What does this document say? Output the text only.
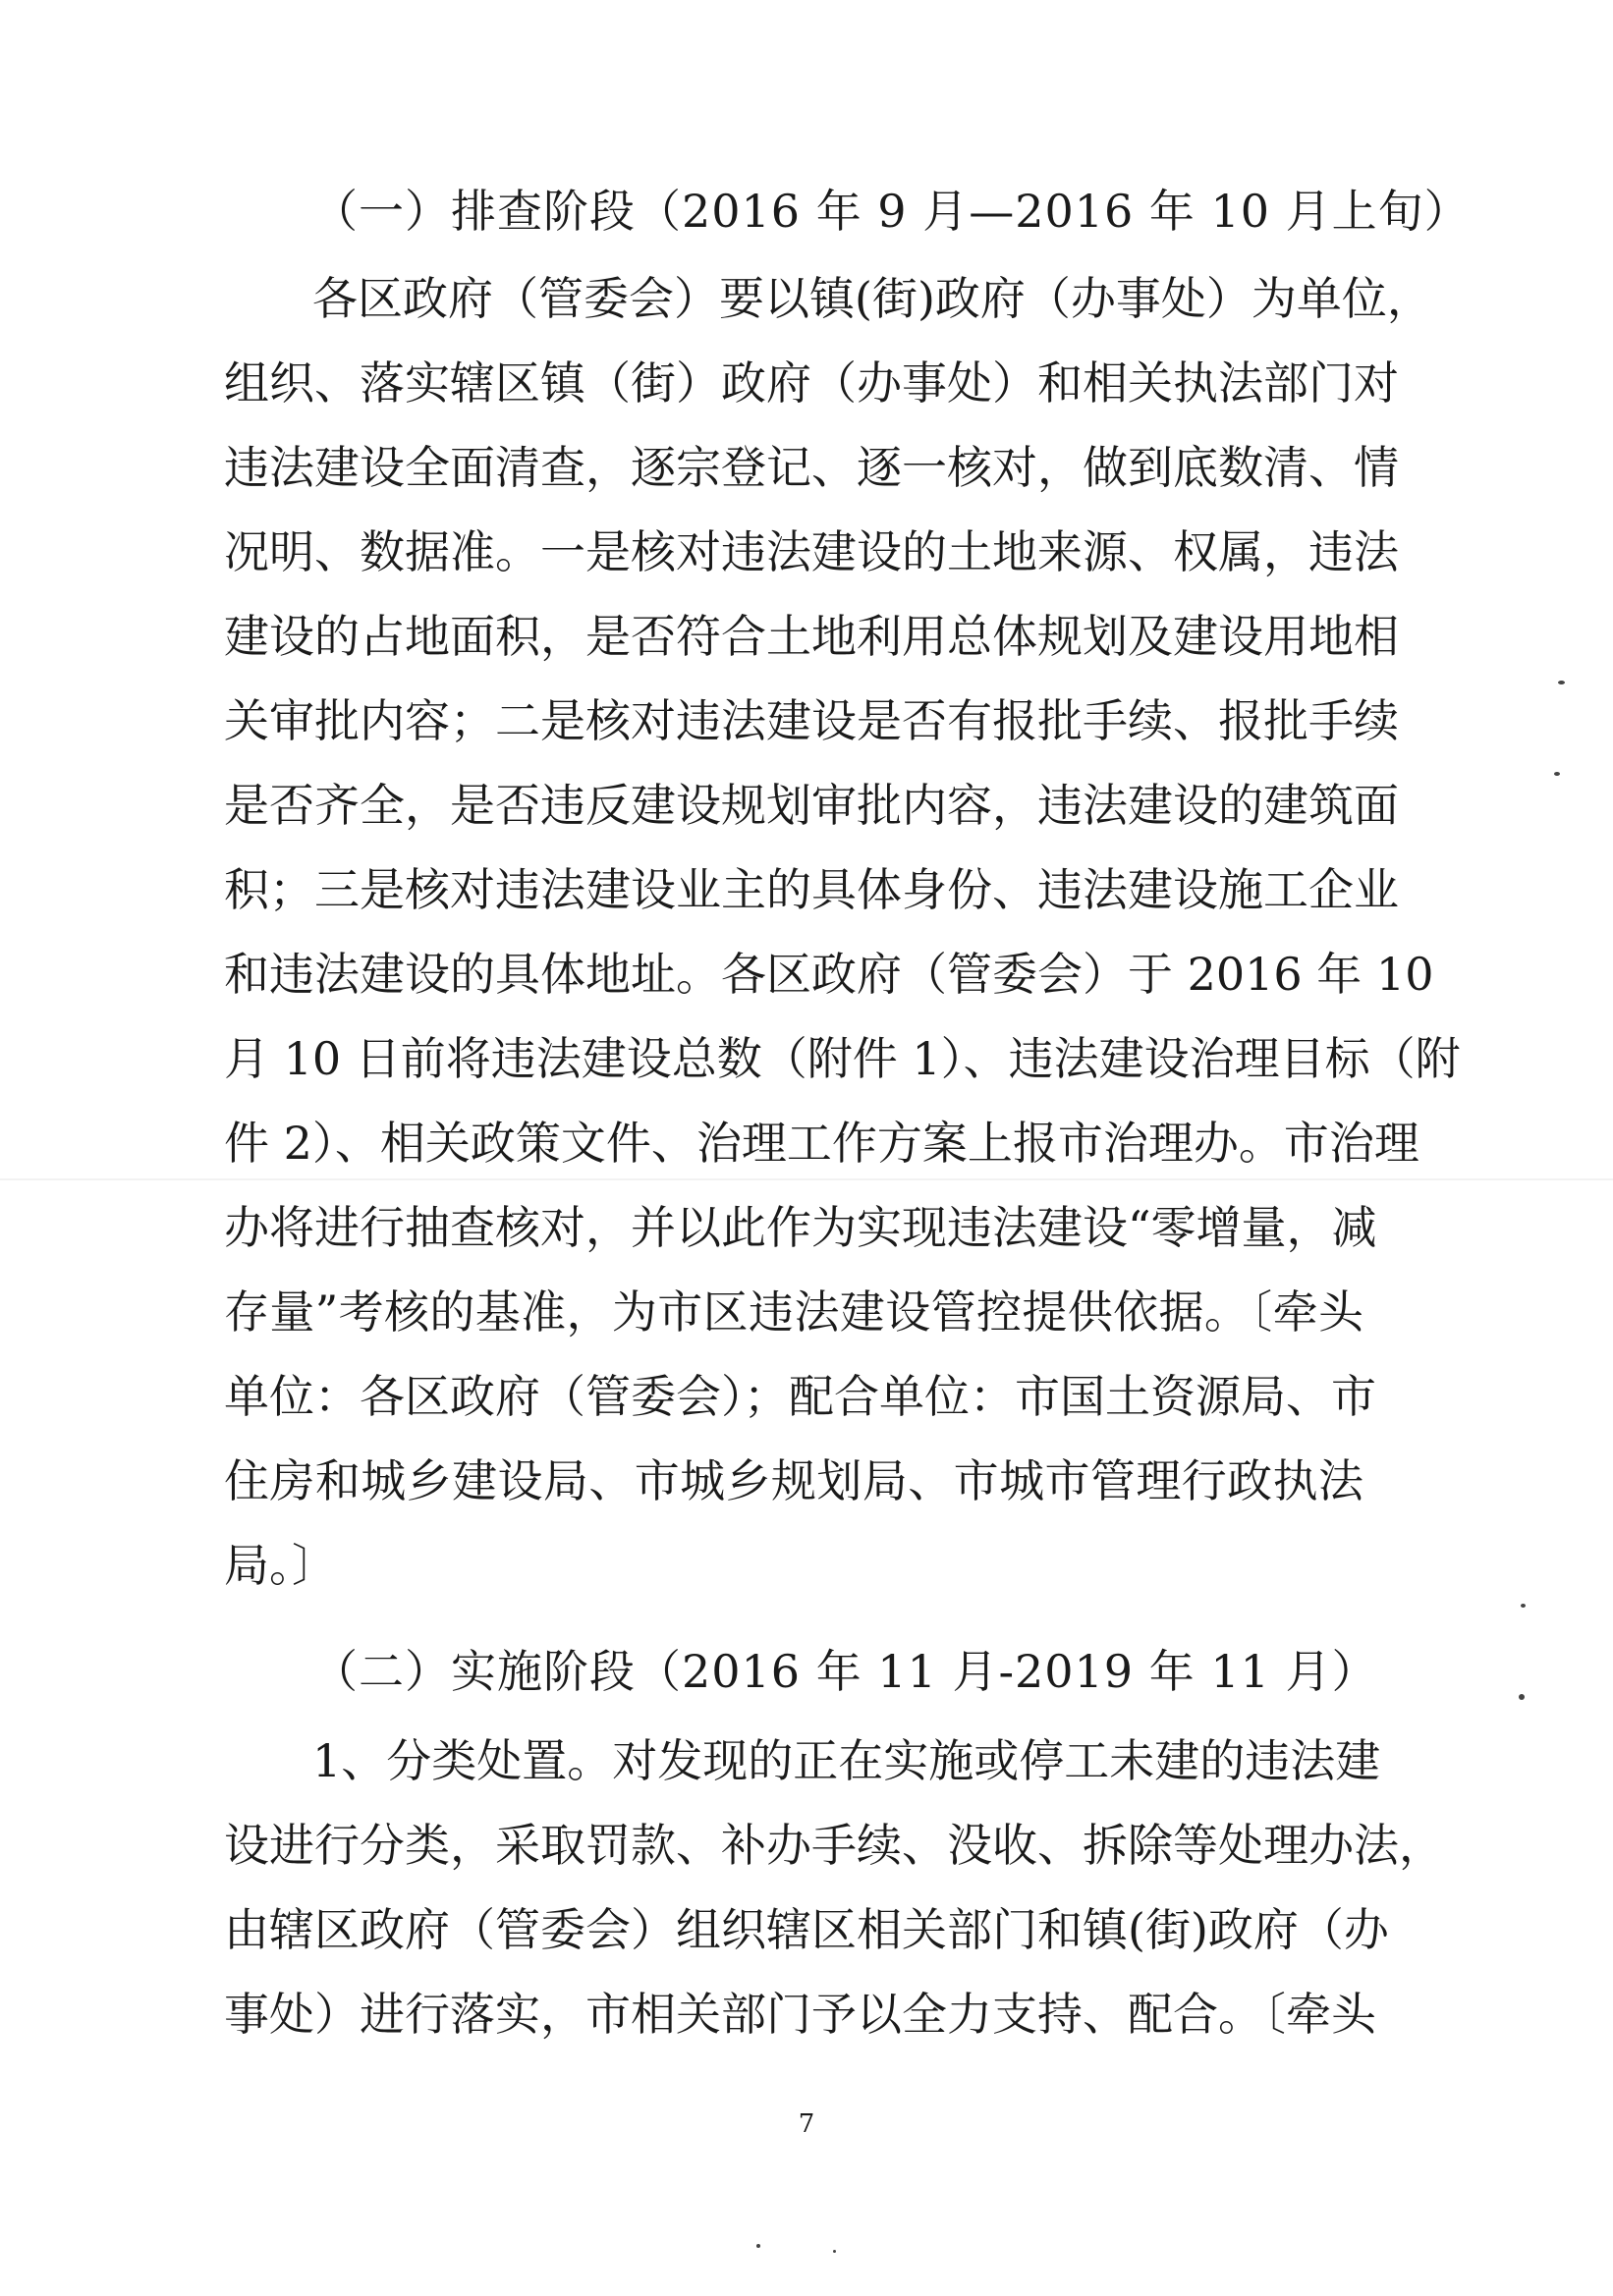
（一）排查阶段（2016 年 9 月—2016 年 10 月上旬）
各区政府（管委会）要以镇(街)政府（办事处）为单位，
组织、落实辖区镇（街）政府（办事处）和相关执法部门对
违法建设全面清查，逐宗登记、逐一核对，做到底数清、情
况明、数据准。一是核对违法建设的土地来源、权属，违法
建设的占地面积，是否符合土地利用总体规划及建设用地相
关审批内容；二是核对违法建设是否有报批手续、报批手续
是否齐全，是否违反建设规划审批内容，违法建设的建筑面
积；三是核对违法建设业主的具体身份、违法建设施工企业
和违法建设的具体地址。各区政府（管委会）于 2016 年 10
月 10 日前将违法建设总数（附件 1）、违法建设治理目标（附
件 2）、相关政策文件、治理工作方案上报市治理办。市治理
办将进行抽查核对，并以此作为实现违法建设“零增量，减
存量”考核的基准，为市区违法建设管控提供依据。〔牵头
单位：各区政府（管委会）；配合单位：市国土资源局、市
住房和城乡建设局、市城乡规划局、市城市管理行政执法
局。〕
（二）实施阶段（2016 年 11 月-2019 年 11 月）
1、分类处置。对发现的正在实施或停工未建的违法建
设进行分类，采取罚款、补办手续、没收、拆除等处理办法，
由辖区政府（管委会）组织辖区相关部门和镇(街)政府（办
事处）进行落实，市相关部门予以全力支持、配合。〔牵头
7
